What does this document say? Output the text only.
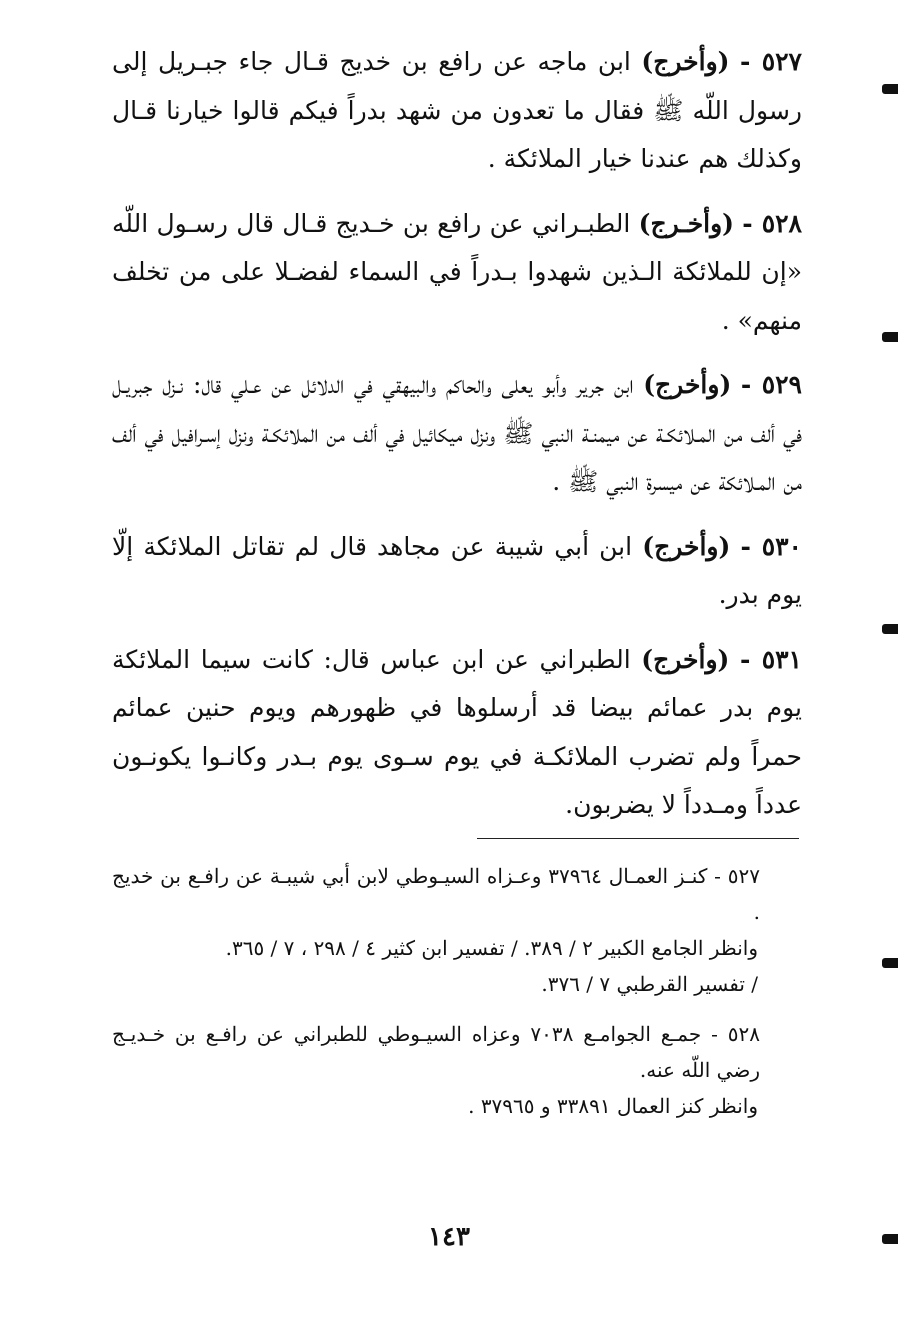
٥٢٧ - (وأخرج) ابن ماجه عن رافع بن خديج قـال جاء جبـريل إلى رسول اللّه ﷺ فقال ما تعدون من شهد بدراً فيكم قالوا خيارنا قـال وكذلك هم عندنا خيار الملائكة .

٥٢٨ - (وأخـرج) الطبـراني عن رافع بن خـديج قـال قال رسـول اللّه «إن للملائكة الـذين شهدوا بـدراً في السماء لفضـلا على من تخلف منهم» .

٥٢٩ - (وأخرج) ابن جرير وأبو يعلى والحاكم والبيهقي في الدلائل عن عـلي قال: نـزل جبريـل في ألف من المـلائكـة عن ميمنـة النبي ﷺ ونزل ميكائيل في ألف من الملائكـة ونزل إسـرافيل في ألف من المـلائكة عن ميسرة النبي ﷺ .

٥٣٠ - (وأخرج) ابن أبي شيبة عن مجاهد قال لم تقاتل الملائكة إلّا يوم بدر.

٥٣١ - (وأخرج) الطبراني عن ابن عباس قال: كانت سيما الملائكة يوم بدر عمائم بيضا قد أرسلوها في ظهورهم ويوم حنين عمائم حمراً ولم تضرب الملائكـة في يوم سـوى يوم بـدر وكانـوا يكونـون عدداً ومـدداً لا يضربون.

٥٢٧ - كنـز العمـال ٣٧٩٦٤ وعـزاه السيـوطي لابن أبي شيبـة عن رافـع بن خديج .
وانظر الجامع الكبير ٢ / ٣٨٩. / تفسير ابن كثير ٤ / ٢٩٨ ، ٧ / ٣٦٥.
/ تفسير القرطبي ٧ / ٣٧٦.
٥٢٨ - جمـع الجوامـع ٧٠٣٨ وعزاه السيـوطي للطبراني عن رافـع بن خـديـج رضي اللّه عنه.
وانظر كنز العمال ٣٣٨٩١ و ٣٧٩٦٥ .
١٤٣
